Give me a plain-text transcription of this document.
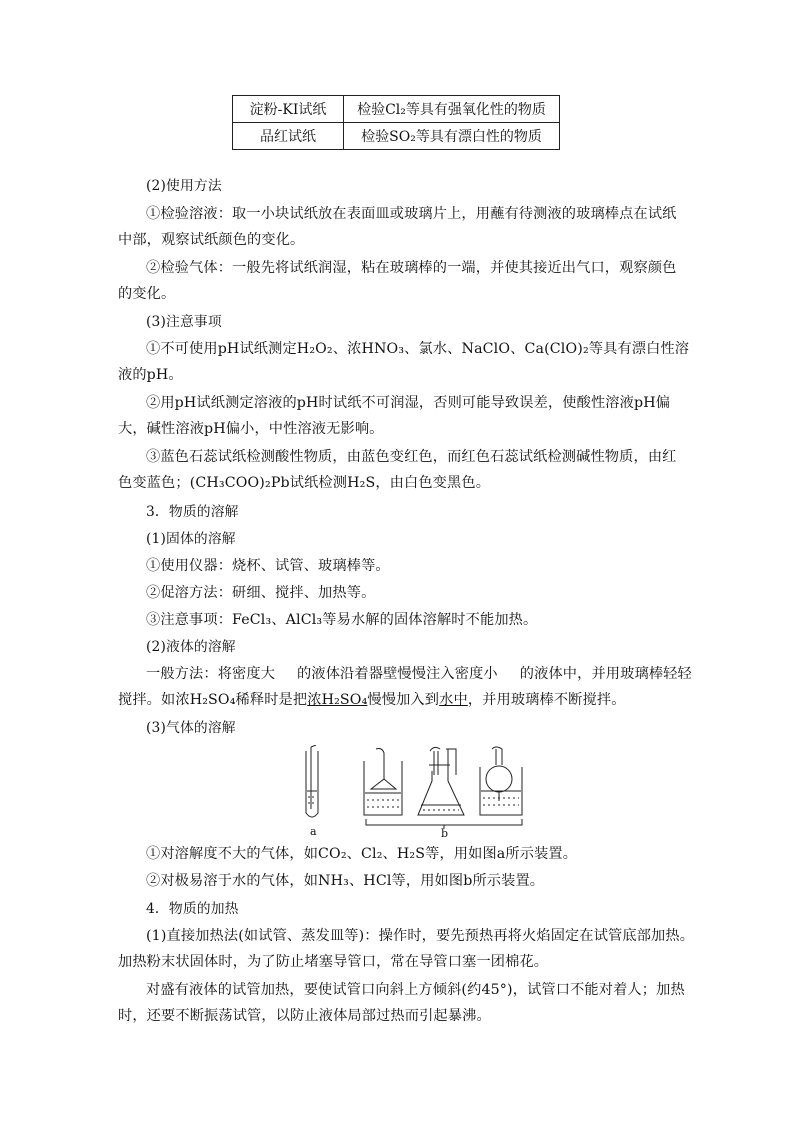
淀粉-KI试纸	检验Cl₂等具有强氧化性的物质
品红试纸	检验SO₂等具有漂白性的物质
(2)使用方法
①检验溶液：取一小块试纸放在表面皿或玻璃片上，用蘸有待测液的玻璃棒点在试纸
中部，观察试纸颜色的变化。
②检验气体：一般先将试纸润湿，粘在玻璃棒的一端，并使其接近出气口，观察颜色
的变化。
(3)注意事项
①不可使用pH试纸测定H₂O₂、浓HNO₃、氯水、NaClO、Ca(ClO)₂等具有漂白性溶
液的pH。
②用pH试纸测定溶液的pH时试纸不可润湿，否则可能导致误差，使酸性溶液pH偏
大，碱性溶液pH偏小，中性溶液无影响。
③蓝色石蕊试纸检测酸性物质，由蓝色变红色，而红色石蕊试纸检测碱性物质，由红
色变蓝色；(CH₃COO)₂Pb试纸检测H₂S，由白色变黑色。
3．物质的溶解
(1)固体的溶解
①使用仪器：烧杯、试管、玻璃棒等。
②促溶方法：研细、搅拌、加热等。
③注意事项：FeCl₃、AlCl₃等易水解的固体溶解时不能加热。
(2)液体的溶解
一般方法：将密度大 的液体沿着器壁慢慢注入密度小 的液体中，并用玻璃棒轻轻
搅拌。如浓H₂SO₄稀释时是把浓H₂SO₄慢慢加入到水中，并用玻璃棒不断搅拌。
(3)气体的溶解
a	b
①对溶解度不大的气体，如CO₂、Cl₂、H₂S等，用如图a所示装置。
②对极易溶于水的气体，如NH₃、HCl等，用如图b所示装置。
4．物质的加热
(1)直接加热法(如试管、蒸发皿等)：操作时，要先预热再将火焰固定在试管底部加热。
加热粉末状固体时，为了防止堵塞导管口，常在导管口塞一团棉花。
对盛有液体的试管加热，要使试管口向斜上方倾斜(约45°)，试管口不能对着人；加热
时，还要不断振荡试管，以防止液体局部过热而引起暴沸。
